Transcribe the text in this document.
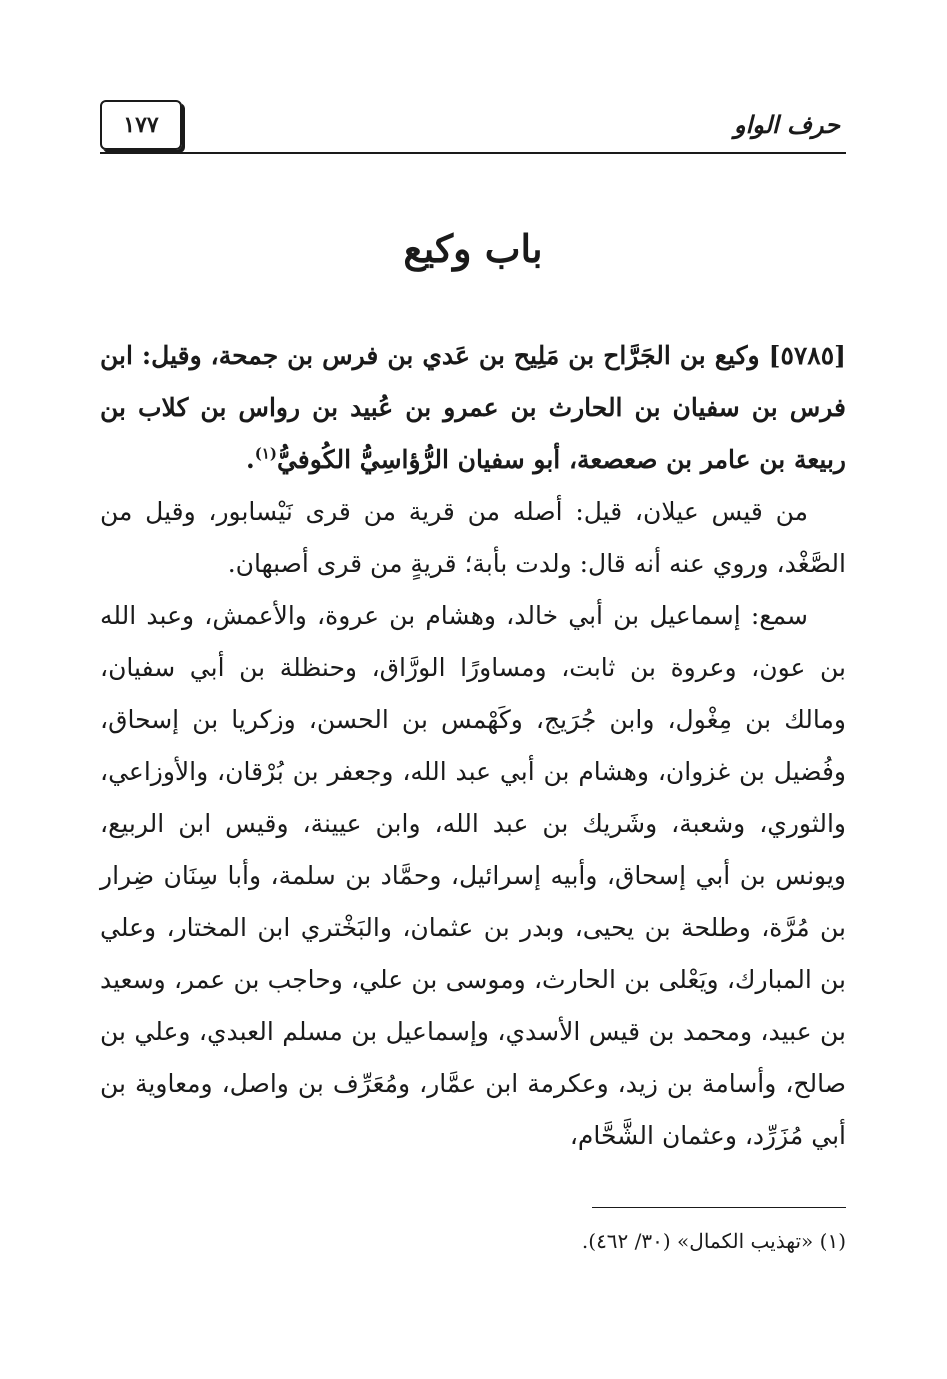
١٧٧	حرف الواو
باب وكيع

[٥٧٨٥] وكيع بن الجَرَّاح بن مَلِيح بن عَدي بن فرس بن جمحة، وقيل: ابن فرس بن سفيان بن الحارث بن عمرو بن عُبيد بن رواس بن كلاب بن ربيعة بن عامر بن صعصعة، أبو سفيان الرُّؤاسِيُّ الكُوفيُّ$^{(١)}$.

من قيس عيلان، قيل: أصله من قرية من قرى نَيْسابور، وقيل من الصَّغْد، وروي عنه أنه قال: ولدت بأبة؛ قريةٍ من قرى أصبهان.

سمع: إسماعيل بن أبي خالد، وهشام بن عروة، والأعمش، وعبد الله بن عون، وعروة بن ثابت، ومساورًا الورَّاق، وحنظلة بن أبي سفيان، ومالك بن مِغْول، وابن جُرَيج، وكَهْمس بن الحسن، وزكريا بن إسحاق، وفُضيل بن غزوان، وهشام بن أبي عبد الله، وجعفر بن بُرْقان، والأوزاعي، والثوري، وشعبة، وشَريك بن عبد الله، وابن عيينة، وقيس ابن الربيع، ويونس بن أبي إسحاق، وأبيه إسرائيل، وحمَّاد بن سلمة، وأبا سِنَان ضِرار بن مُرَّة، وطلحة بن يحيى، وبدر بن عثمان، والبَخْتري ابن المختار، وعلي بن المبارك، ويَعْلى بن الحارث، وموسى بن علي، وحاجب بن عمر، وسعيد بن عبيد، ومحمد بن قيس الأسدي، وإسماعيل بن مسلم العبدي، وعلي بن صالح، وأسامة بن زيد، وعكرمة ابن عمَّار، ومُعَرِّف بن واصل، ومعاوية بن أبي مُزَرِّد، وعثمان الشَّحَّام،

(١) «تهذيب الكمال» (٣٠/ ٤٦٢).
